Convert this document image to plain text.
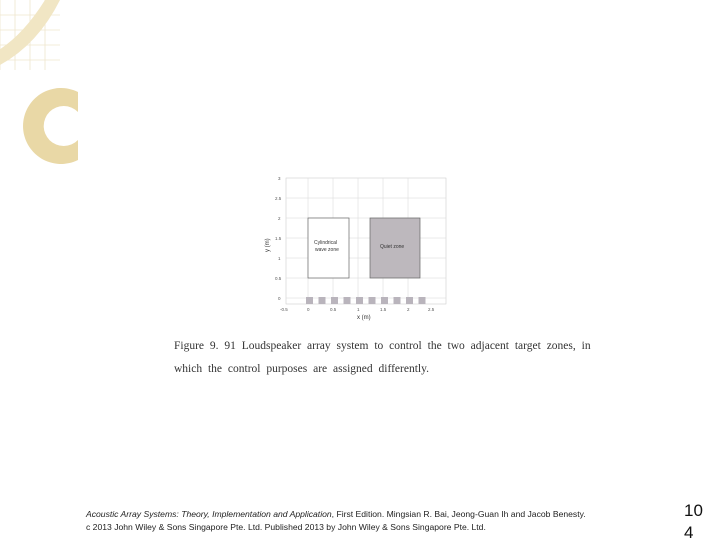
Cylindrical
wave zone	Quiet zone
3
2.5
2
1.5
1
0.5
0
-0.5	0	0.5	1	1.5	2	2.5
x (m)
y (m)
Figure 9. 91 Loudspeaker array system to control the two adjacent target zones, in
which the control purposes are assigned differently.
Acoustic Array Systems: Theory, Implementation and Application, First Edition. Mingsian R. Bai, Jeong-Guan Ih and Jacob Benesty.
c 2013 John Wiley & Sons Singapore Pte. Ltd. Published 2013 by John Wiley & Sons Singapore Pte. Ltd.
10
4
